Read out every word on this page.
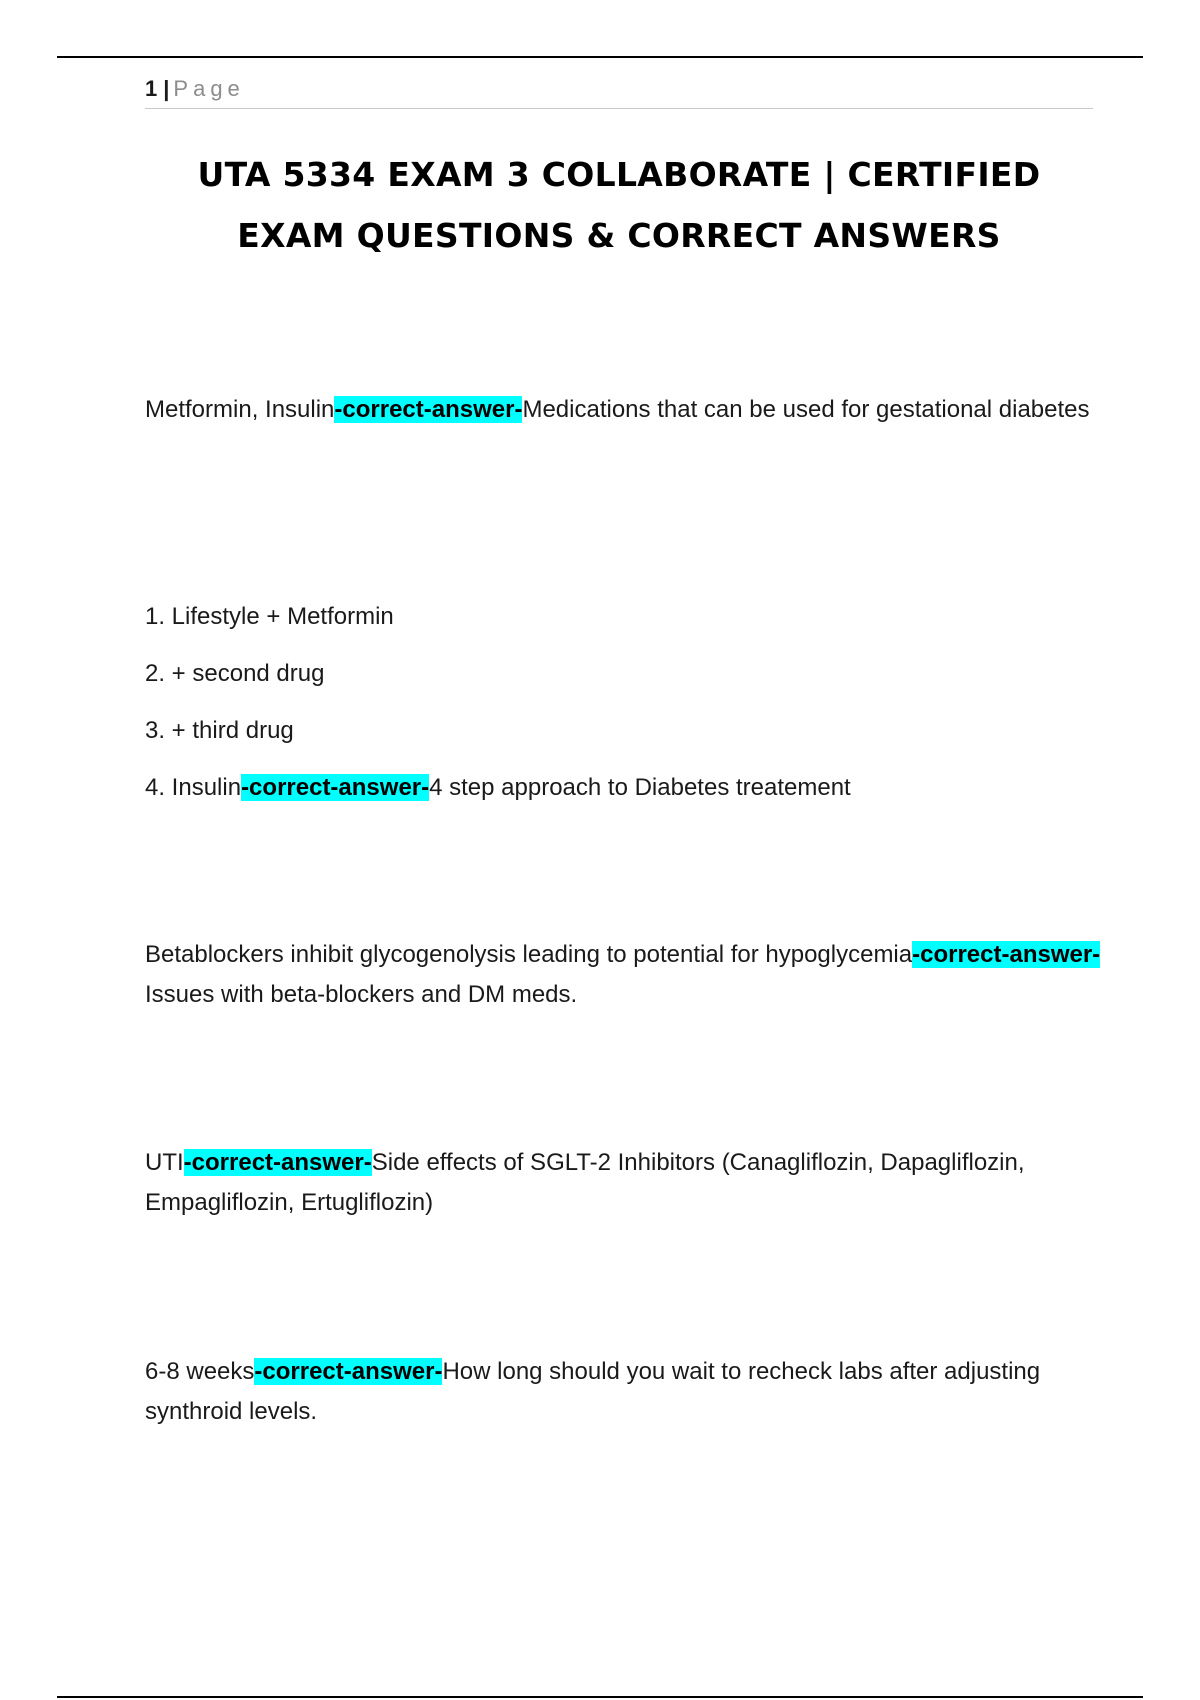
1 | Page
UTA 5334 EXAM 3 COLLABORATE | CERTIFIED EXAM QUESTIONS & CORRECT ANSWERS

Metformin, Insulin-correct-answer-Medications that can be used for gestational diabetes

1. Lifestyle + Metformin
2. + second drug
3. + third drug
4. Insulin-correct-answer-4 step approach to Diabetes treatement

Betablockers inhibit glycogenolysis leading to potential for hypoglycemia-correct-answer-Issues with beta-blockers and DM meds.

UTI-correct-answer-Side effects of SGLT-2 Inhibitors (Canagliflozin, Dapagliflozin, Empagliflozin, Ertugliflozin)

6-8 weeks-correct-answer-How long should you wait to recheck labs after adjusting synthroid levels.
